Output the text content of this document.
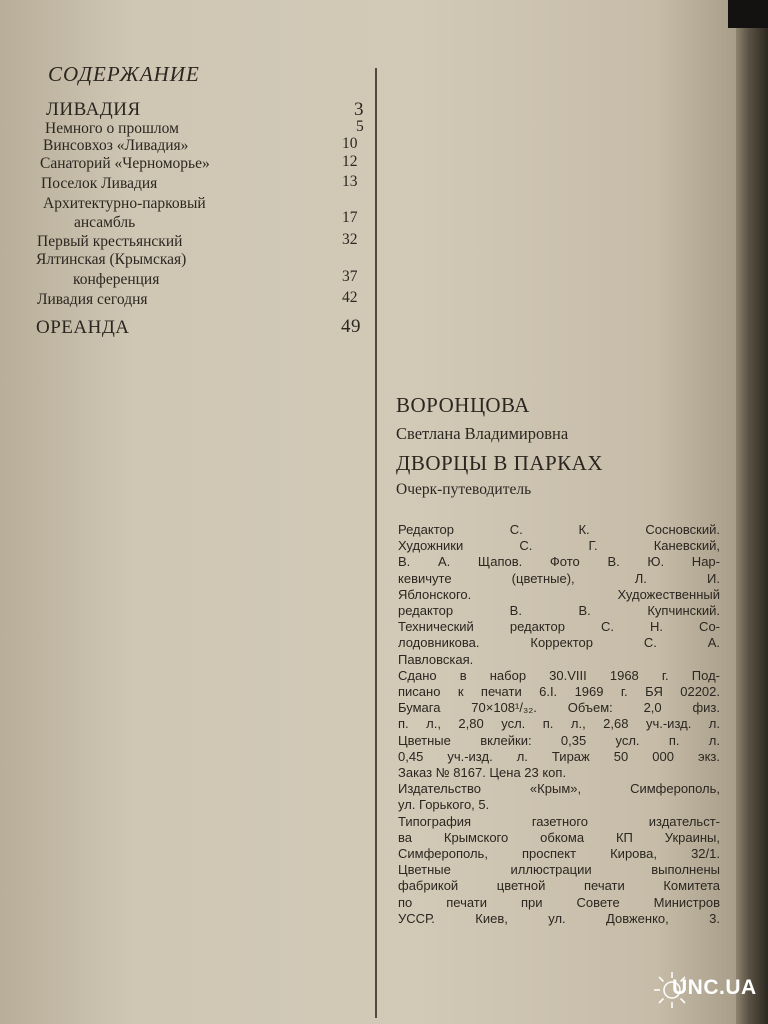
СОДЕРЖАНИЕ
ЛИВАДИЯ	3
Немного о прошлом	5
Винсовхоз «Ливадия»	10
Санаторий «Черноморье»	12
Поселок Ливадия	13
Архитектурно-парковый
ансамбль	17
Первый крестьянский	32
Ялтинская (Крымская)
конференция	37
Ливадия сегодня	42
ОРЕАНДА	49
ВОРОНЦОВА
Светлана Владимировна
ДВОРЦЫ В ПАРКАХ
Очерк-путеводитель
Редактор С. К. Сосновский.
Художники С. Г. Каневский,
В. А. Щапов. Фото В. Ю. Нар-
кевичуте (цветные), Л. И.
Яблонского. Художественный
редактор В. В. Купчинский.
Технический редактор С. Н. Со-
лодовникова. Корректор С. А.
Павловская.
Сдано в набор 30.VIII 1968 г. Под-
писано к печати 6.I. 1969 г. БЯ 02202.
Бумага 70×108¹/₃₂. Объем: 2,0 физ.
п. л., 2,80 усл. п. л., 2,68 уч.-изд. л.
Цветные вклейки: 0,35 усл. п. л.
0,45 уч.-изд. л. Тираж 50 000 экз.
Заказ № 8167. Цена 23 коп.
Издательство «Крым», Симферополь,
ул. Горького, 5.
Типография газетного издательст-
ва Крымского обкома КП Украины,
Симферополь, проспект Кирова, 32/1.
Цветные иллюстрации выполнены
фабрикой цветной печати Комитета
по печати при Совете Министров
УССР. Киев, ул. Довженко, 3.
UNC.UA
